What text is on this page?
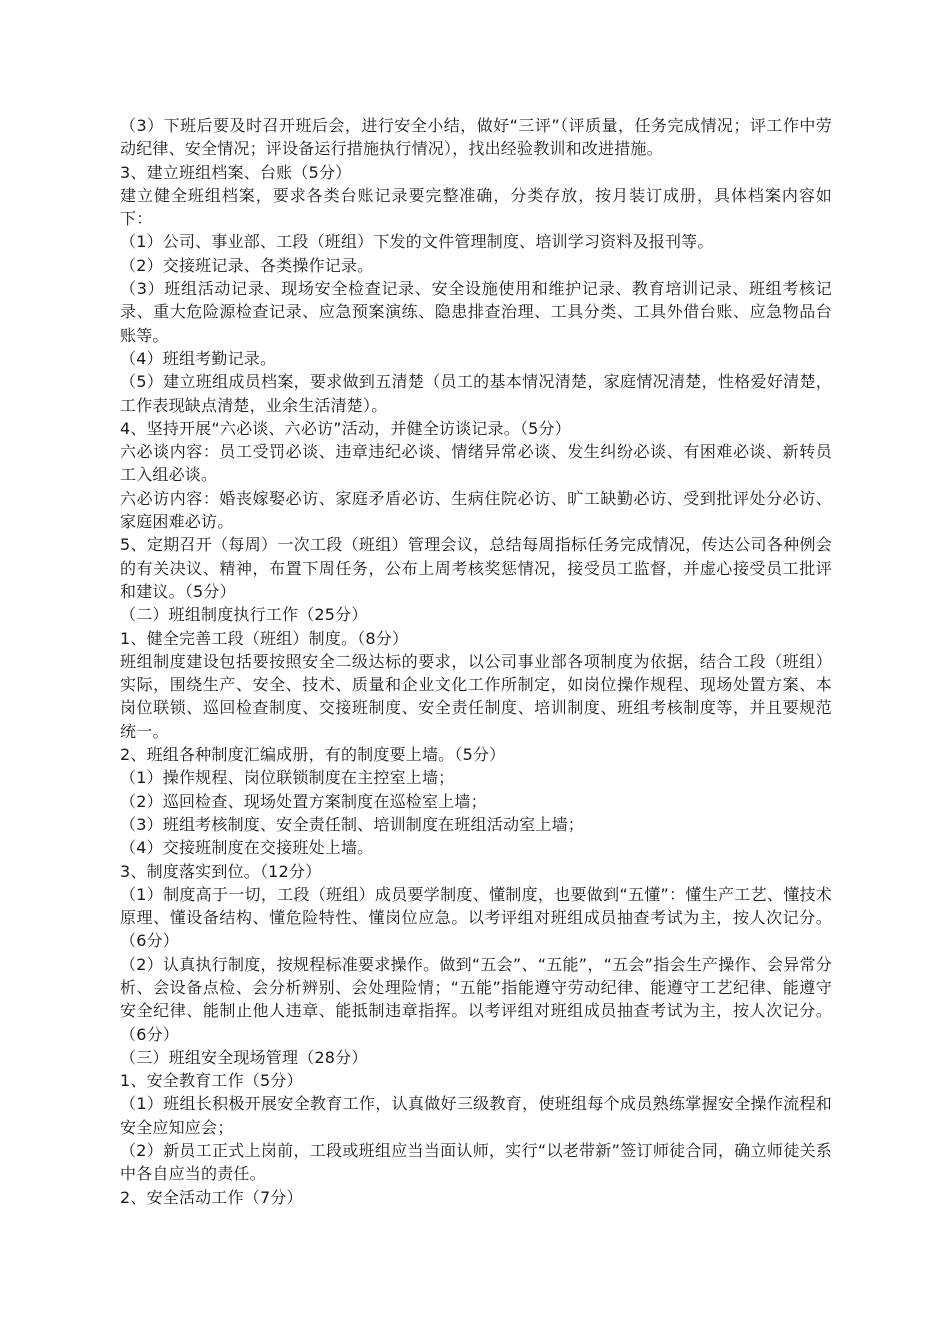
（3）下班后要及时召开班后会，进行安全小结，做好“三评”（评质量，任务完成情况；评工作中劳动纪律、安全情况；评设备运行措施执行情况），找出经验教训和改进措施。

3、建立班组档案、台账（5分）

建立健全班组档案，要求各类台账记录要完整准确，分类存放，按月装订成册，具体档案内容如下：

（1）公司、事业部、工段（班组）下发的文件管理制度、培训学习资料及报刊等。

（2）交接班记录、各类操作记录。

（3）班组活动记录、现场安全检查记录、安全设施使用和维护记录、教育培训记录、班组考核记录、重大危险源检查记录、应急预案演练、隐患排查治理、工具分类、工具外借台账、应急物品台账等。

（4）班组考勤记录。

（5）建立班组成员档案，要求做到五清楚（员工的基本情况清楚，家庭情况清楚，性格爱好清楚，工作表现缺点清楚，业余生活清楚）。

4、坚持开展“六必谈、六必访”活动，并健全访谈记录。（5分）

六必谈内容：员工受罚必谈、违章违纪必谈、情绪异常必谈、发生纠纷必谈、有困难必谈、新转员工入组必谈。

六必访内容：婚丧嫁娶必访、家庭矛盾必访、生病住院必访、旷工缺勤必访、受到批评处分必访、家庭困难必访。

5、定期召开（每周）一次工段（班组）管理会议，总结每周指标任务完成情况，传达公司各种例会的有关决议、精神，布置下周任务，公布上周考核奖惩情况，接受员工监督，并虚心接受员工批评和建议。（5分）

（二）班组制度执行工作（25分）

1、健全完善工段（班组）制度。（8分）

班组制度建设包括要按照安全二级达标的要求，以公司事业部各项制度为依据，结合工段（班组）实际，围绕生产、安全、技术、质量和企业文化工作所制定，如岗位操作规程、现场处置方案、本岗位联锁、巡回检查制度、交接班制度、安全责任制度、培训制度、班组考核制度等，并且要规范统一。

2、班组各种制度汇编成册，有的制度要上墙。（5分）

（1）操作规程、岗位联锁制度在主控室上墙；

（2）巡回检查、现场处置方案制度在巡检室上墙；

（3）班组考核制度、安全责任制、培训制度在班组活动室上墙；

（4）交接班制度在交接班处上墙。

3、制度落实到位。（12分）

（1）制度高于一切，工段（班组）成员要学制度、懂制度，也要做到“五懂”：懂生产工艺、懂技术原理、懂设备结构、懂危险特性、懂岗位应急。以考评组对班组成员抽查考试为主，按人次记分。（6分）

（2）认真执行制度，按规程标准要求操作。做到“五会”、“五能”，“五会”指会生产操作、会异常分析、会设备点检、会分析辨别、会处理险情；“五能”指能遵守劳动纪律、能遵守工艺纪律、能遵守安全纪律、能制止他人违章、能抵制违章指挥。以考评组对班组成员抽查考试为主，按人次记分。（6分）

（三）班组安全现场管理（28分）

1、安全教育工作（5分）

（1）班组长积极开展安全教育工作，认真做好三级教育，使班组每个成员熟练掌握安全操作流程和安全应知应会；

（2）新员工正式上岗前，工段或班组应当当面认师，实行“以老带新”签订师徒合同，确立师徒关系中各自应当的责任。

2、安全活动工作（7分）
